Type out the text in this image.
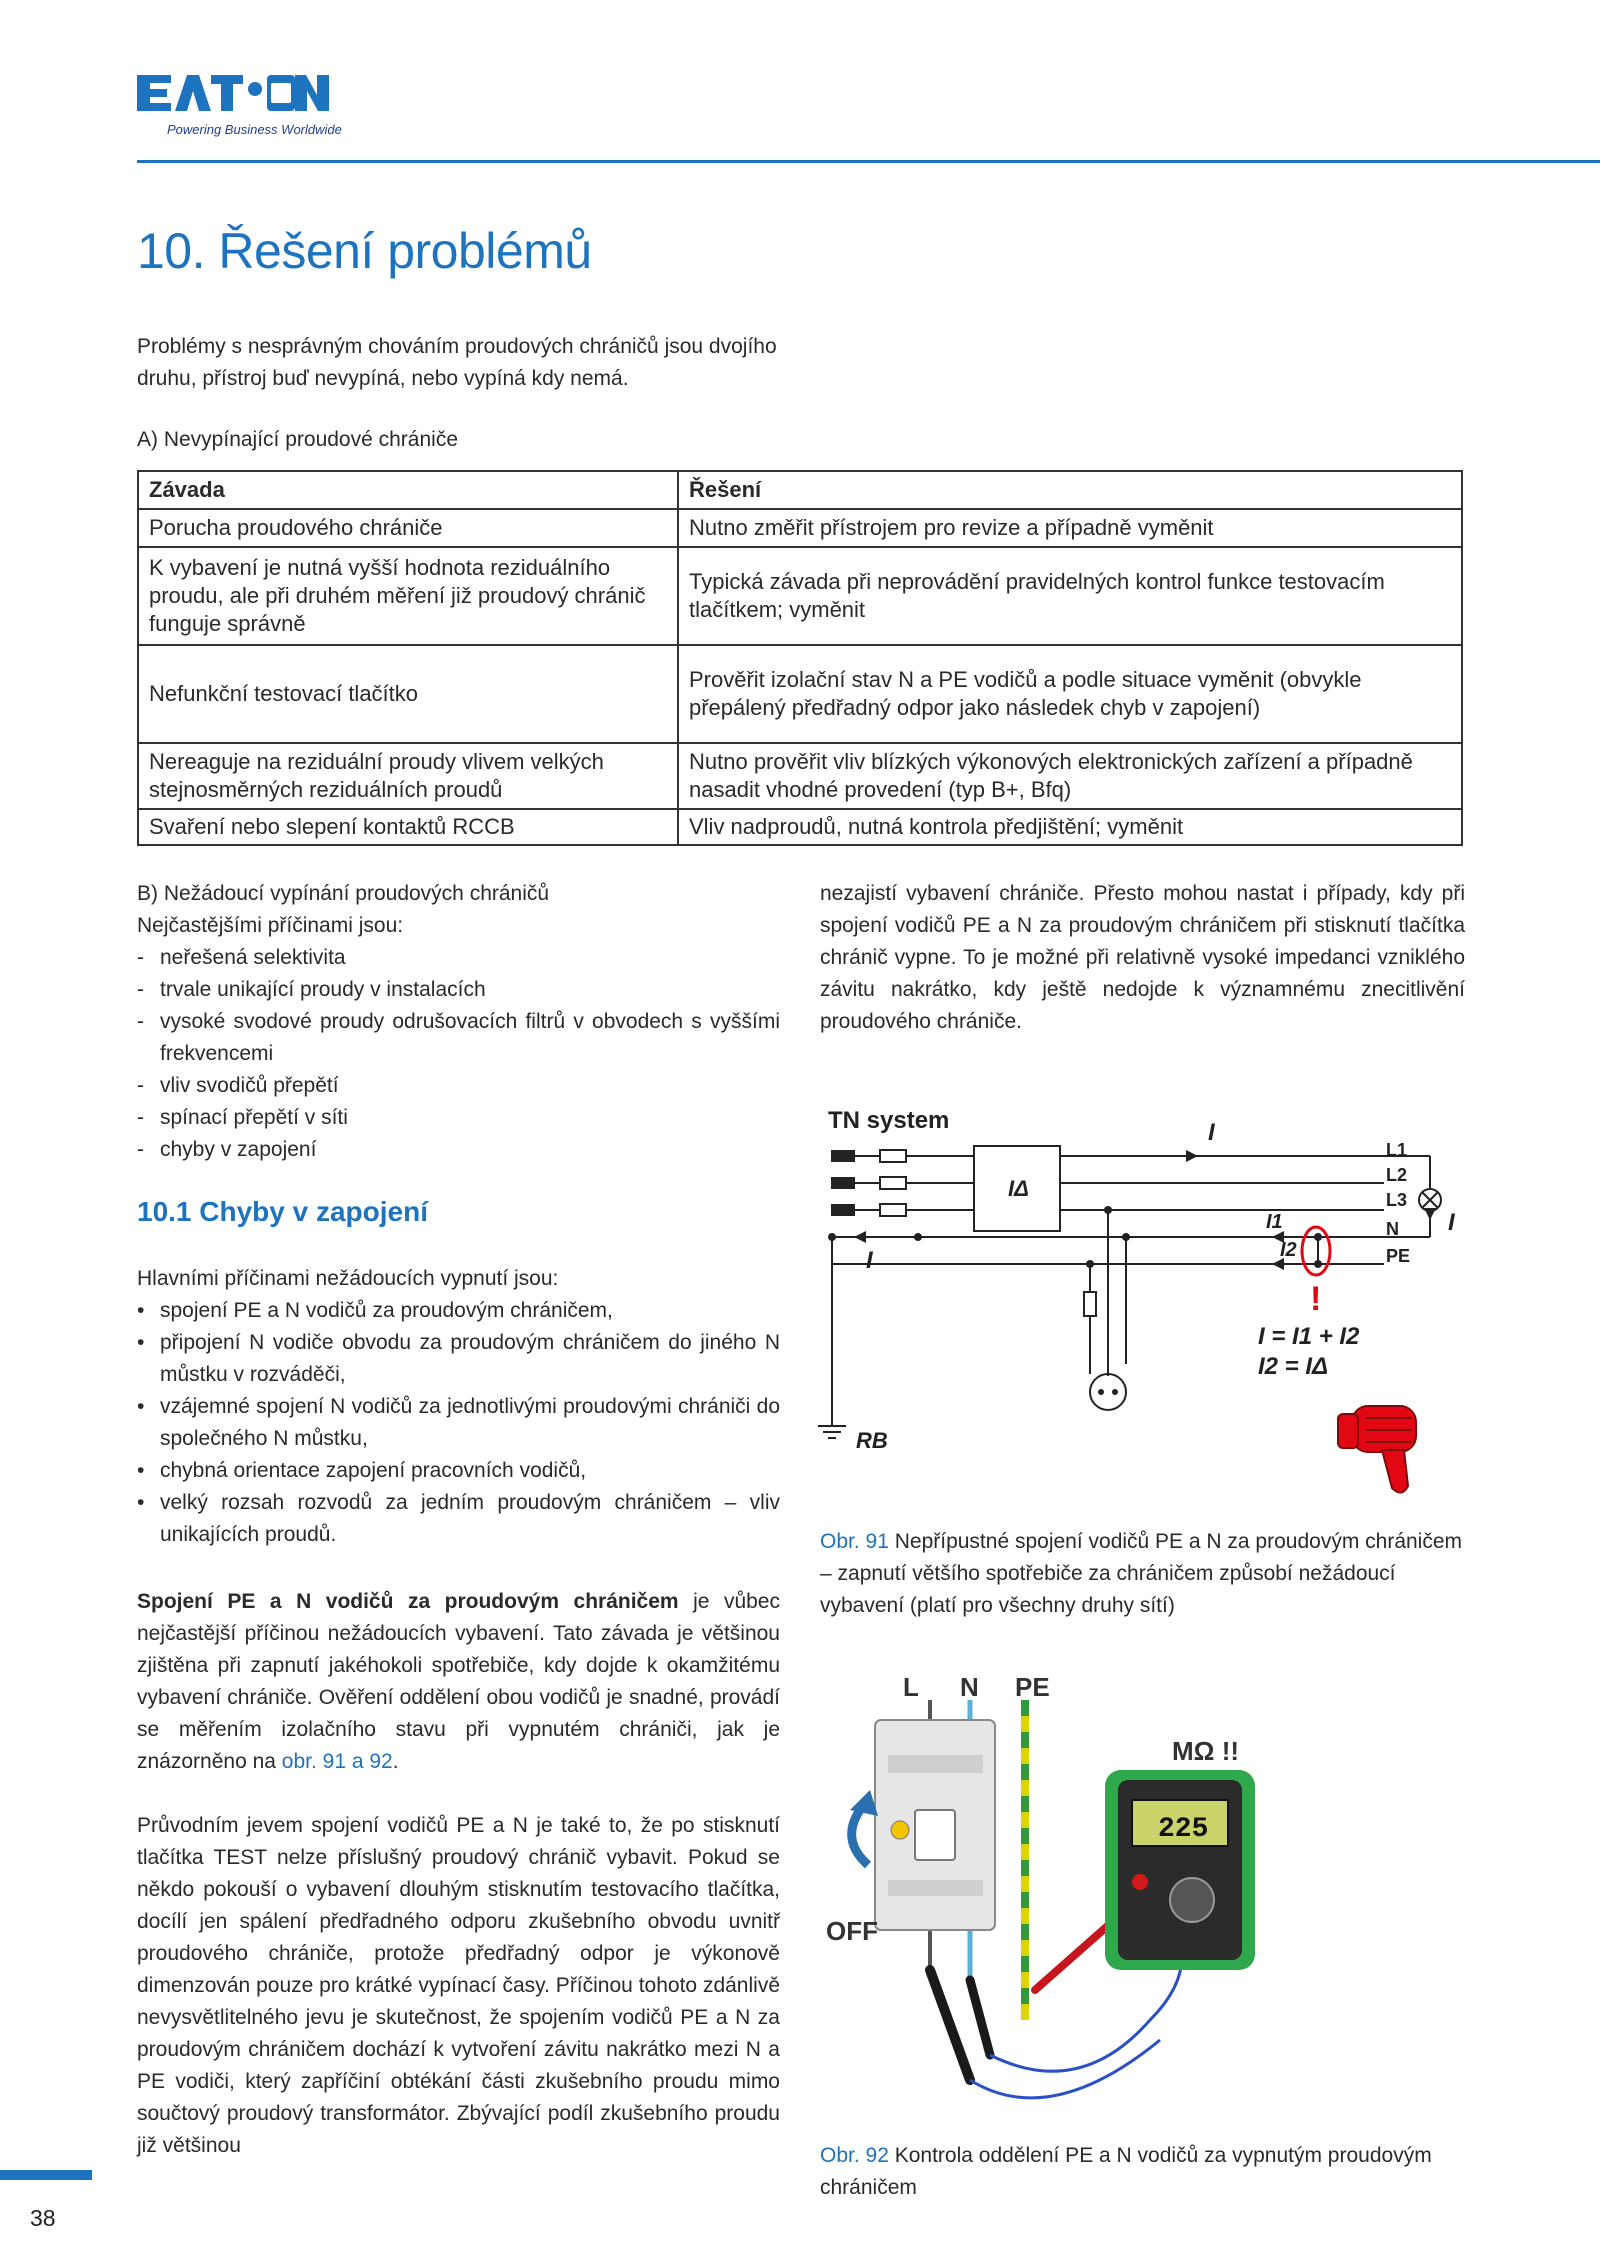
Powering Business Worldwide
10. Řešení problémů

Problémy s nesprávným chováním proudových chráničů jsou dvojího druhu, přístroj buď nevypíná, nebo vypíná kdy nemá.

A) Nevypínající proudové chrániče
Závada	Řešení
Porucha proudového chrániče	Nutno změřit přístrojem pro revize a případně vyměnit
K vybavení je nutná vyšší hodnota reziduálního proudu, ale při druhém měření již proudový chránič funguje správně	Typická závada při neprovádění pravidelných kontrol funkce testovacím tlačítkem; vyměnit
Nefunkční testovací tlačítko	Prověřit izolační stav N a PE vodičů a podle situace vyměnit (obvykle přepálený předřadný odpor jako následek chyb v zapojení)
Nereaguje na reziduální proudy vlivem velkých stejnosměrných reziduálních proudů	Nutno prověřit vliv blízkých výkonových elektronických zařízení a případně nasadit vhodné provedení (typ B+, Bfq)
Svaření nebo slepení kontaktů RCCB	Vliv nadproudů, nutná kontrola předjištění; vyměnit
B) Nežádoucí vypínání proudových chráničů
Nejčastějšími příčinami jsou:
- neřešená selektivita
- trvale unikající proudy v instalacích
- vysoké svodové proudy odrušovacích filtrů v obvodech s vyššími frekvencemi
- vliv svodičů přepětí
- spínací přepětí v síti
- chyby v zapojení
10.1 Chyby v zapojení
Hlavními příčinami nežádoucích vypnutí jsou:
• spojení PE a N vodičů za proudovým chráničem,
• připojení N vodiče obvodu za proudovým chráničem do jiného N můstku v rozváděči,
• vzájemné spojení N vodičů za jednotlivými proudovými chrániči do společného N můstku,
• chybná orientace zapojení pracovních vodičů,
• velký rozsah rozvodů za jedním proudovým chráničem – vliv unikajících proudů.

Spojení PE a N vodičů za proudovým chráničem je vůbec nejčastější příčinou nežádoucích vybavení. Tato závada je většinou zjištěna při zapnutí jakéhokoli spotřebiče, kdy dojde k okamžitému vybavení chrániče. Ověření oddělení obou vodičů je snadné, provádí se měřením izolačního stavu při vypnutém chrániči, jak je znázorněno na obr. 91 a 92.

Průvodním jevem spojení vodičů PE a N je také to, že po stisknutí tlačítka TEST nelze příslušný proudový chránič vybavit. Pokud se někdo pokouší o vybavení dlouhým stisknutím testovacího tlačítka, docílí jen spálení předřadného odporu zkušebního obvodu uvnitř proudového chrániče, protože předřadný odpor je výkonově dimenzován pouze pro krátké vypínací časy. Příčinou tohoto zdánlivě nevysvětlitelného jevu je skutečnost, že spojením vodičů PE a N za proudovým chráničem dochází k vytvoření závitu nakrátko mezi N a PE vodiči, který zapříčiní obtékání části zkušebního proudu mimo součtový proudový transformátor. Zbývající podíl zkušebního proudu již většinou

nezajistí vybavení chrániče. Přesto mohou nastat i případy, kdy při spojení vodičů PE a N za proudovým chráničem při stisknutí tlačítka chránič vypne. To je možné při relativně vysoké impedanci vzniklého závitu nakrátko, kdy ještě nedojde k významnému znecitlivění proudového chrániče.

TN system	I
IΔ
I
I1
I2
L1
L2
L3
N
PE
I
!
I = I1 + I2
I2 = IΔ
RB

Obr. 91 Nepřípustné spojení vodičů PE a N za proudovým chráničem – zapnutí většího spotřebiče za chráničem způsobí nežádoucí vybavení (platí pro všechny druhy sítí)

225
L N PE
MΩ !!
OFF

Obr. 92 Kontrola oddělení PE a N vodičů za vypnutým proudovým chráničem

38
